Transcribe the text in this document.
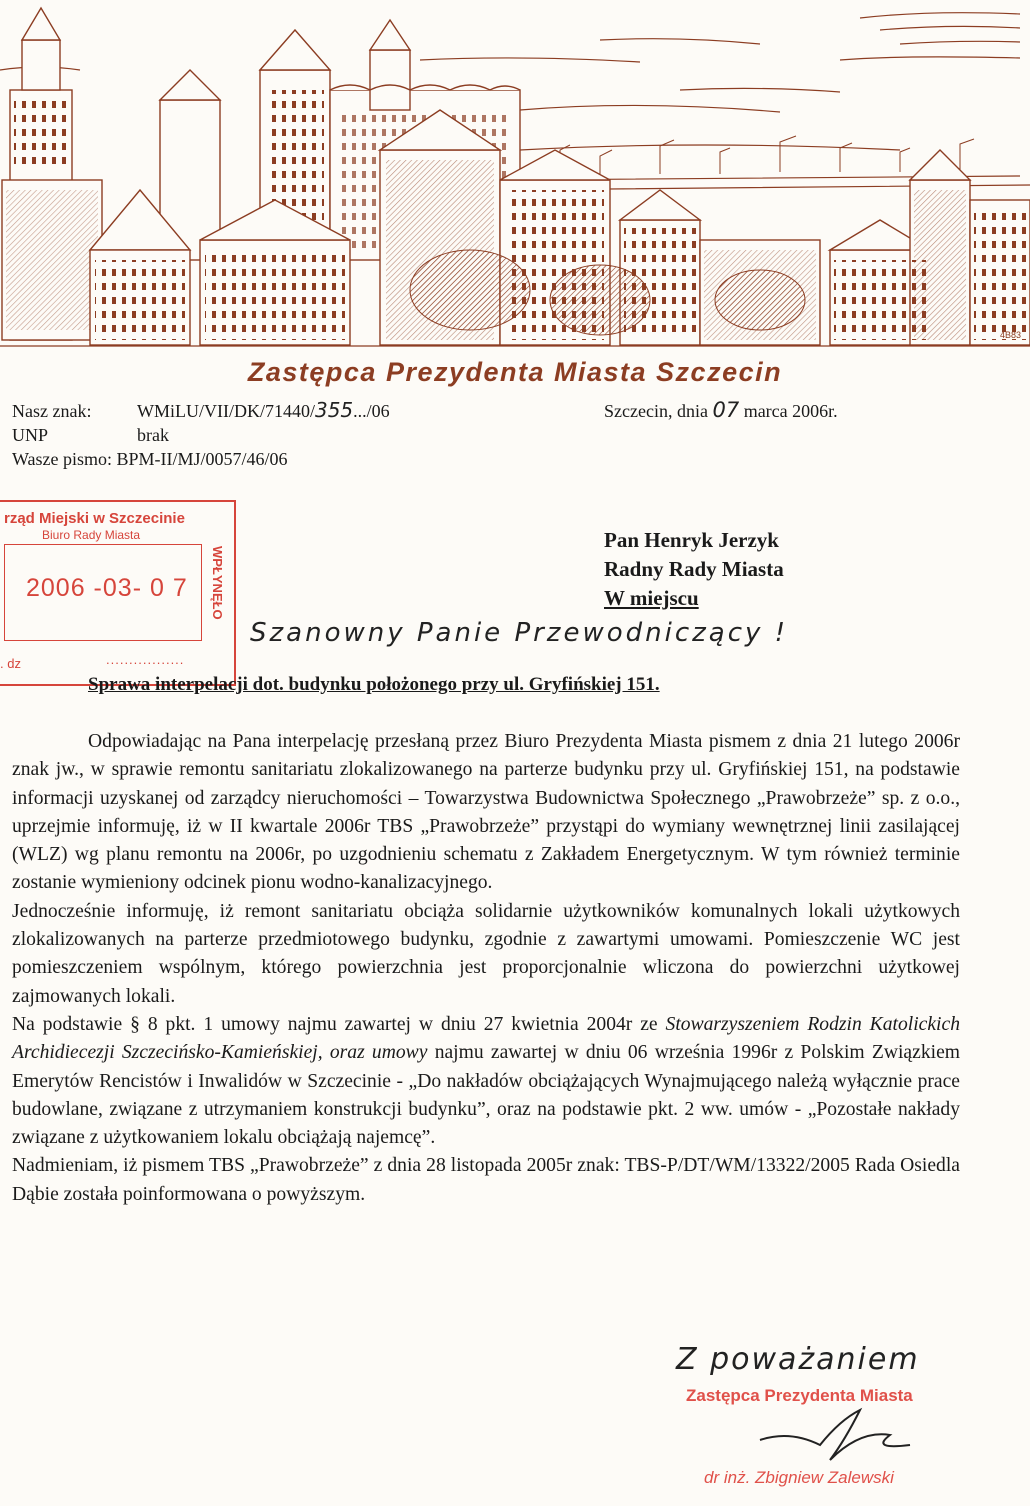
4B83
Zastępca Prezydenta Miasta Szczecin
Nasz znak:	WMiLU/VII/DK/71440/355.../06
UNP	brak
Wasze pismo: BPM-II/MJ/0057/46/06
Szczecin, dnia 07 marca 2006r.
rząd Miejski w Szczecinie
Biuro Rady Miasta
2006 -03- 0 7 WPŁYNĘŁO
. dz	.................
Pan Henryk Jerzyk
Radny Rady Miasta
W miejscu
Szanowny Panie Przewodniczący !
Sprawa interpelacji dot. budynku położonego przy ul. Gryfińskiej 151.

Odpowiadając na Pana interpelację przesłaną przez Biuro Prezydenta Miasta pismem z dnia 21 lutego 2006r znak jw., w sprawie remontu sanitariatu zlokalizowanego na parterze budynku przy ul. Gryfińskiej 151, na podstawie informacji uzyskanej od zarządcy nieruchomości – Towarzystwa Budownictwa Społecznego „Prawobrzeże” sp. z o.o., uprzejmie informuję, iż w II kwartale 2006r TBS „Prawobrzeże” przystąpi do wymiany wewnętrznej linii zasilającej (WLZ) wg planu remontu na 2006r, po uzgodnieniu schematu z Zakładem Energetycznym. W tym również terminie zostanie wymieniony odcinek pionu wodno-kanalizacyjnego.

Jednocześnie informuję, iż remont sanitariatu obciąża solidarnie użytkowników komunalnych lokali użytkowych zlokalizowanych na parterze przedmiotowego budynku, zgodnie z zawartymi umowami. Pomieszczenie WC jest pomieszczeniem wspólnym, którego powierzchnia jest proporcjonalnie wliczona do powierzchni użytkowej zajmowanych lokali.

Na podstawie § 8 pkt. 1 umowy najmu zawartej w dniu 27 kwietnia 2004r ze Stowarzyszeniem Rodzin Katolickich Archidiecezji Szczecińsko-Kamieńskiej, oraz umowy najmu zawartej w dniu 06 września 1996r z Polskim Związkiem Emerytów Rencistów i Inwalidów w Szczecinie - „Do nakładów obciążających Wynajmującego należą wyłącznie prace budowlane, związane z utrzymaniem konstrukcji budynku”, oraz na podstawie pkt. 2 ww. umów - „Pozostałe nakłady związane z użytkowaniem lokalu obciążają najemcę”.

Nadmieniam, iż pismem TBS „Prawobrzeże” z dnia 28 listopada 2005r znak: TBS-P/DT/WM/13322/2005 Rada Osiedla Dąbie została poinformowana o powyższym.

Z poważaniem
Zastępca Prezydenta Miasta
dr inż. Zbigniew Zalewski
